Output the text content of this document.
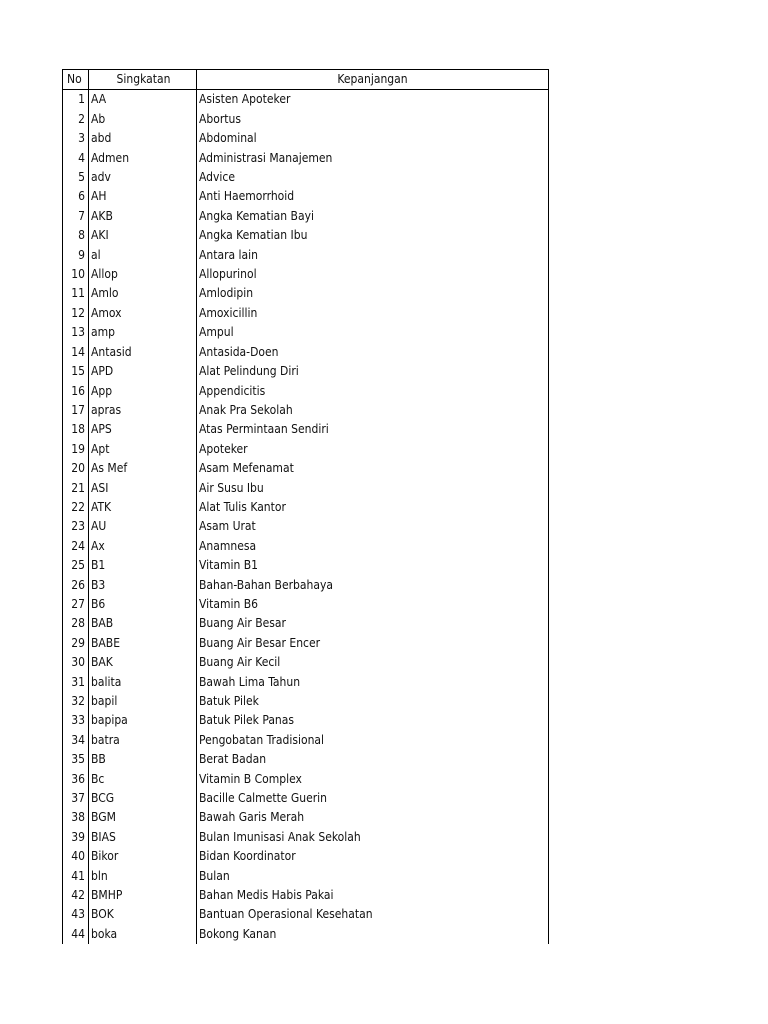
No	Singkatan	Kepanjangan
1	AA	Asisten Apoteker
2	Ab	Abortus
3	abd	Abdominal
4	Admen	Administrasi Manajemen
5	adv	Advice
6	AH	Anti Haemorrhoid
7	AKB	Angka Kematian Bayi
8	AKI	Angka Kematian Ibu
9	al	Antara lain
10	Allop	Allopurinol
11	Amlo	Amlodipin
12	Amox	Amoxicillin
13	amp	Ampul
14	Antasid	Antasida-Doen
15	APD	Alat Pelindung Diri
16	App	Appendicitis
17	apras	Anak Pra Sekolah
18	APS	Atas Permintaan Sendiri
19	Apt	Apoteker
20	As Mef	Asam Mefenamat
21	ASI	Air Susu Ibu
22	ATK	Alat Tulis Kantor
23	AU	Asam Urat
24	Ax	Anamnesa
25	B1	Vitamin B1
26	B3	Bahan-Bahan Berbahaya
27	B6	Vitamin B6
28	BAB	Buang Air Besar
29	BABE	Buang Air Besar Encer
30	BAK	Buang Air Kecil
31	balita	Bawah Lima Tahun
32	bapil	Batuk Pilek
33	bapipa	Batuk Pilek Panas
34	batra	Pengobatan Tradisional
35	BB	Berat Badan
36	Bc	Vitamin B Complex
37	BCG	Bacille Calmette Guerin
38	BGM	Bawah Garis Merah
39	BIAS	Bulan Imunisasi Anak Sekolah
40	Bikor	Bidan Koordinator
41	bln	Bulan
42	BMHP	Bahan Medis Habis Pakai
43	BOK	Bantuan Operasional Kesehatan
44	boka	Bokong Kanan
